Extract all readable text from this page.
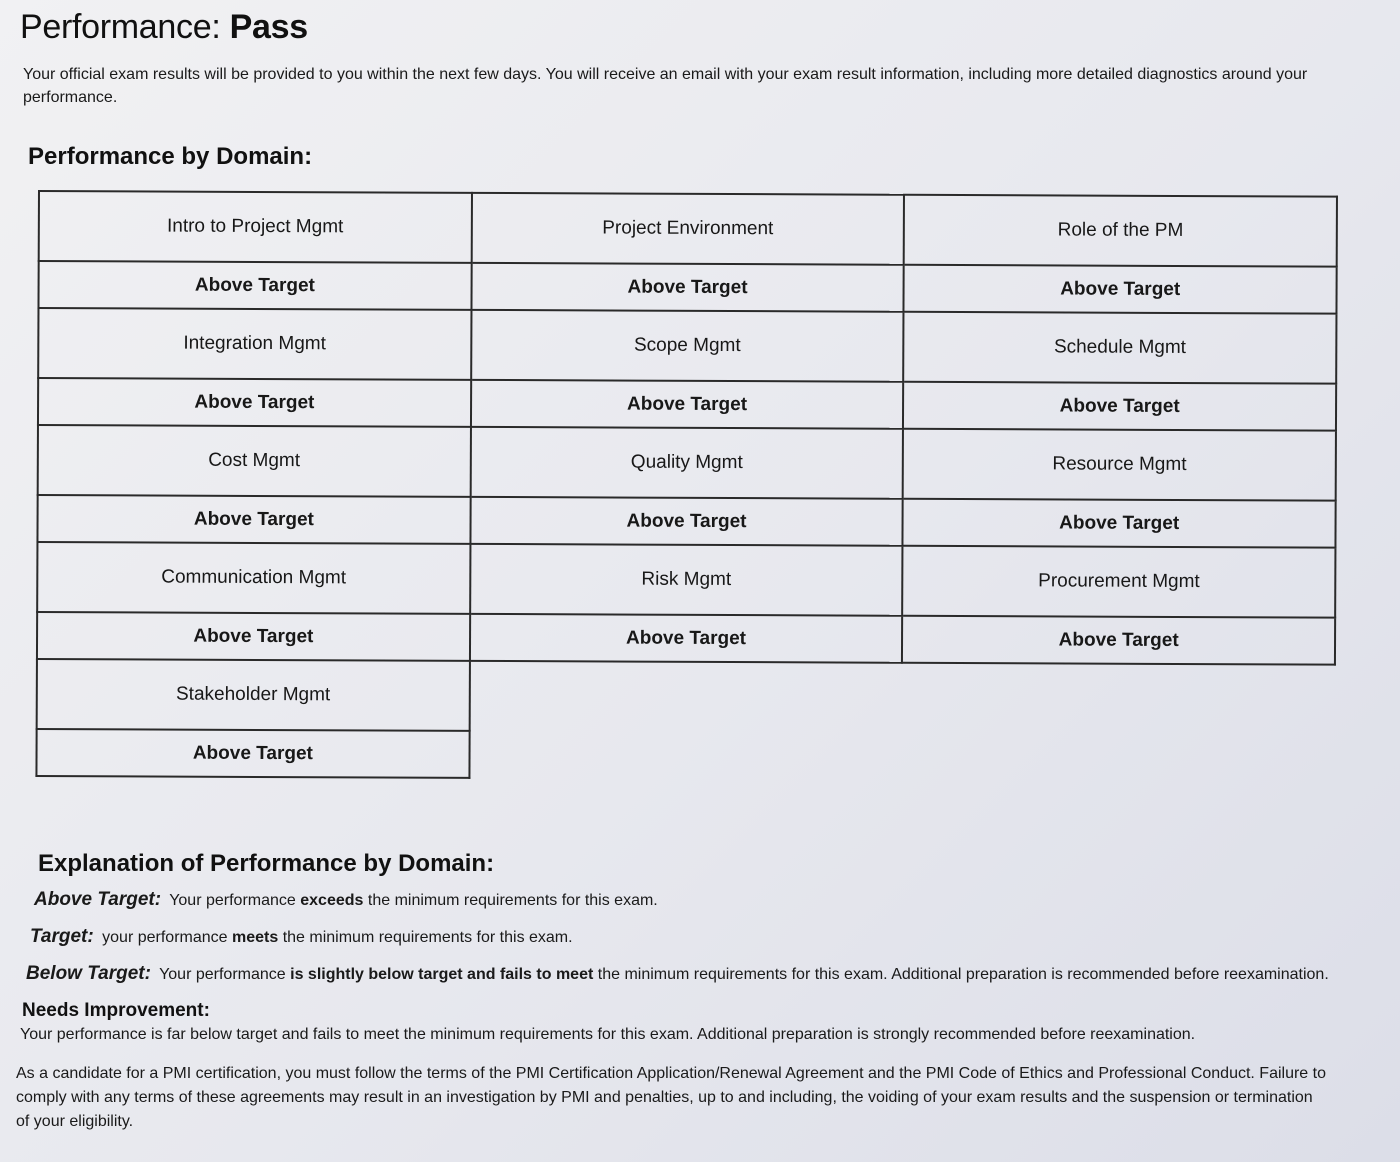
Performance: Pass
Your official exam results will be provided to you within the next few days. You will receive an email with your exam result information, including more detailed diagnostics around your performance.
Performance by Domain:
Intro to Project Mgmt	Project Environment	Role of the PM
Above Target	Above Target	Above Target
Integration Mgmt	Scope Mgmt	Schedule Mgmt
Above Target	Above Target	Above Target
Cost Mgmt	Quality Mgmt	Resource Mgmt
Above Target	Above Target	Above Target
Communication Mgmt	Risk Mgmt	Procurement Mgmt
Above Target	Above Target	Above Target
Stakeholder Mgmt		
Above Target		
Explanation of Performance by Domain:
Above Target: Your performance exceeds the minimum requirements for this exam.
Target: your performance meets the minimum requirements for this exam.
Below Target: Your performance is slightly below target and fails to meet the minimum requirements for this exam. Additional preparation is recommended before reexamination.
Needs Improvement:
Your performance is far below target and fails to meet the minimum requirements for this exam. Additional preparation is strongly recommended before reexamination.
As a candidate for a PMI certification, you must follow the terms of the PMI Certification Application/Renewal Agreement and the PMI Code of Ethics and Professional Conduct. Failure to comply with any terms of these agreements may result in an investigation by PMI and penalties, up to and including, the voiding of your exam results and the suspension or termination of your eligibility.
